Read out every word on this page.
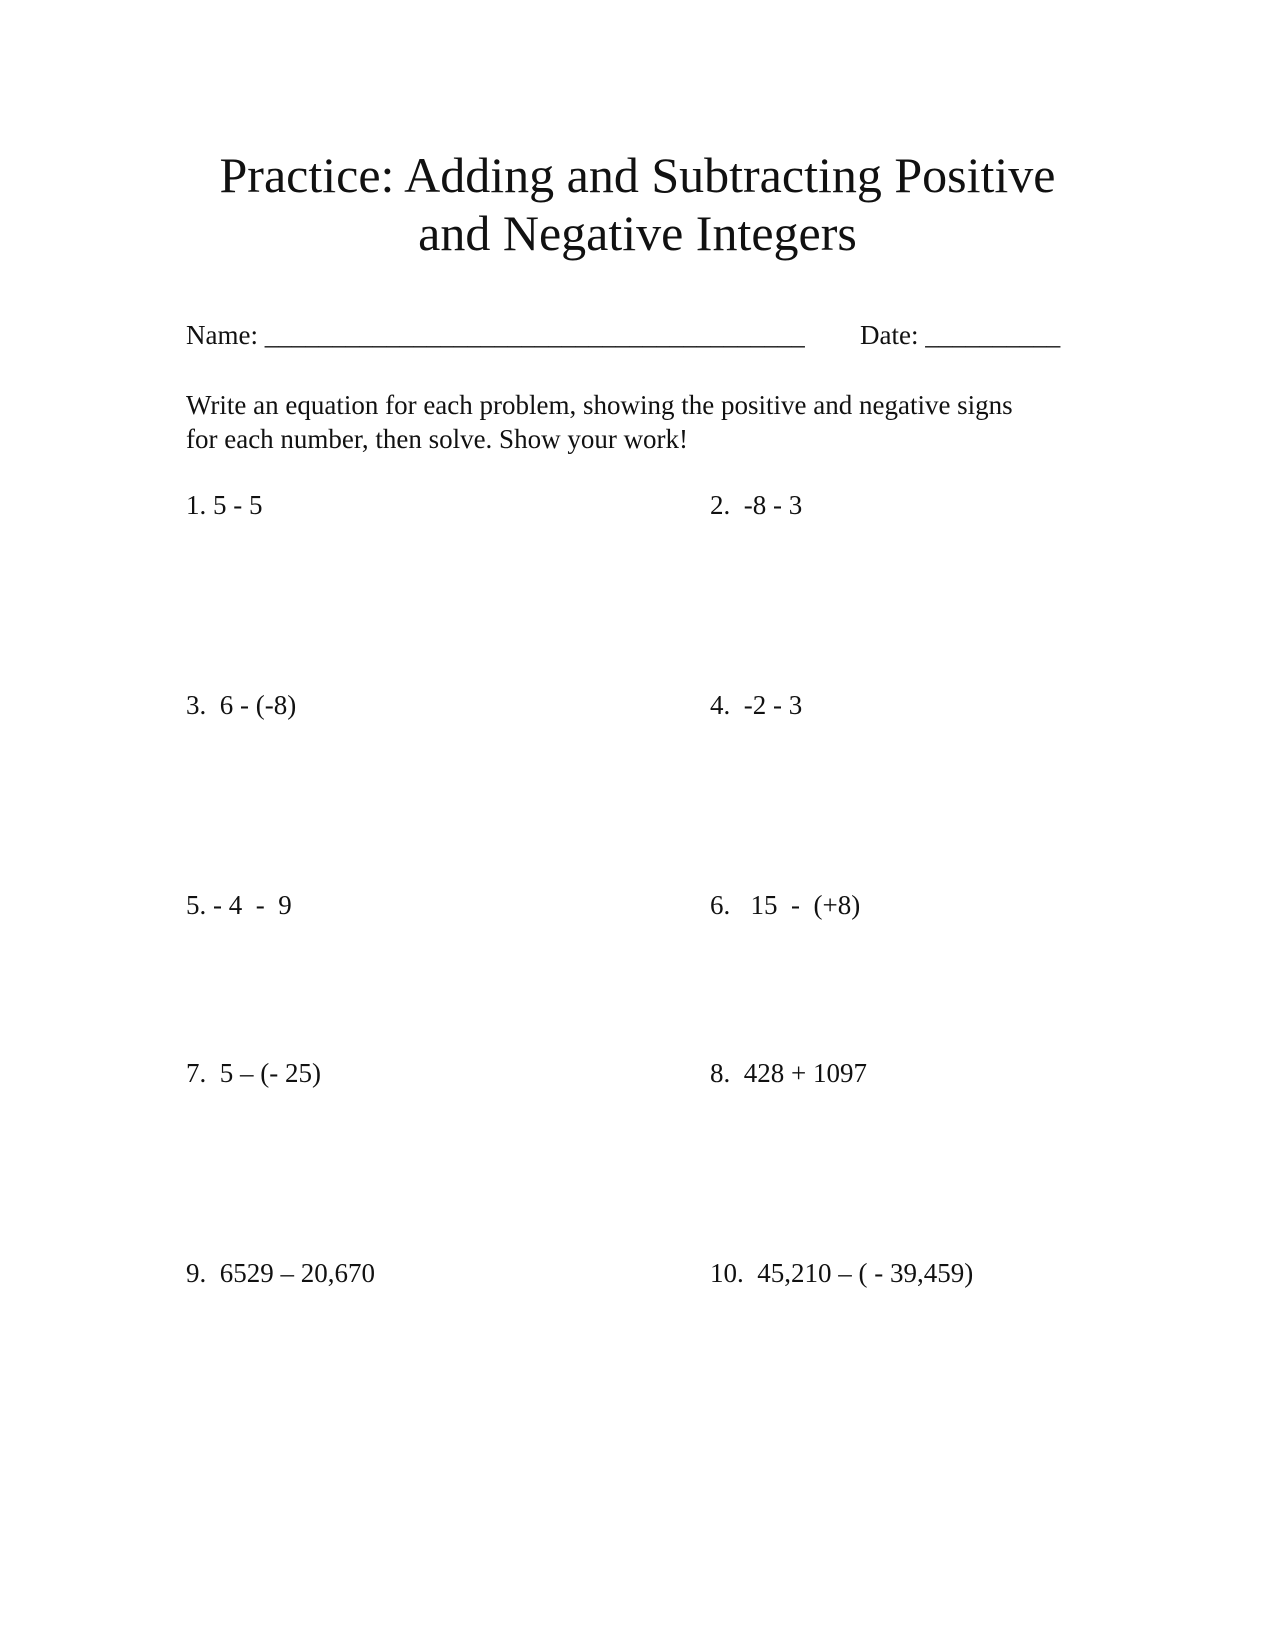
Practice: Adding and Subtracting Positive
and Negative Integers
Name: ________________________________________ Date: __________

Write an equation for each problem, showing the positive and negative signs
for each number, then solve. Show your work!

1. 5 - 5	2.  -8 - 3
3.  6 - (-8)	4.  -2 - 3
5. - 4  -  9	6.   15  -  (+8)
7.  5 – (- 25)	8.  428 + 1097
9.  6529 – 20,670	10.  45,210 – ( - 39,459)
